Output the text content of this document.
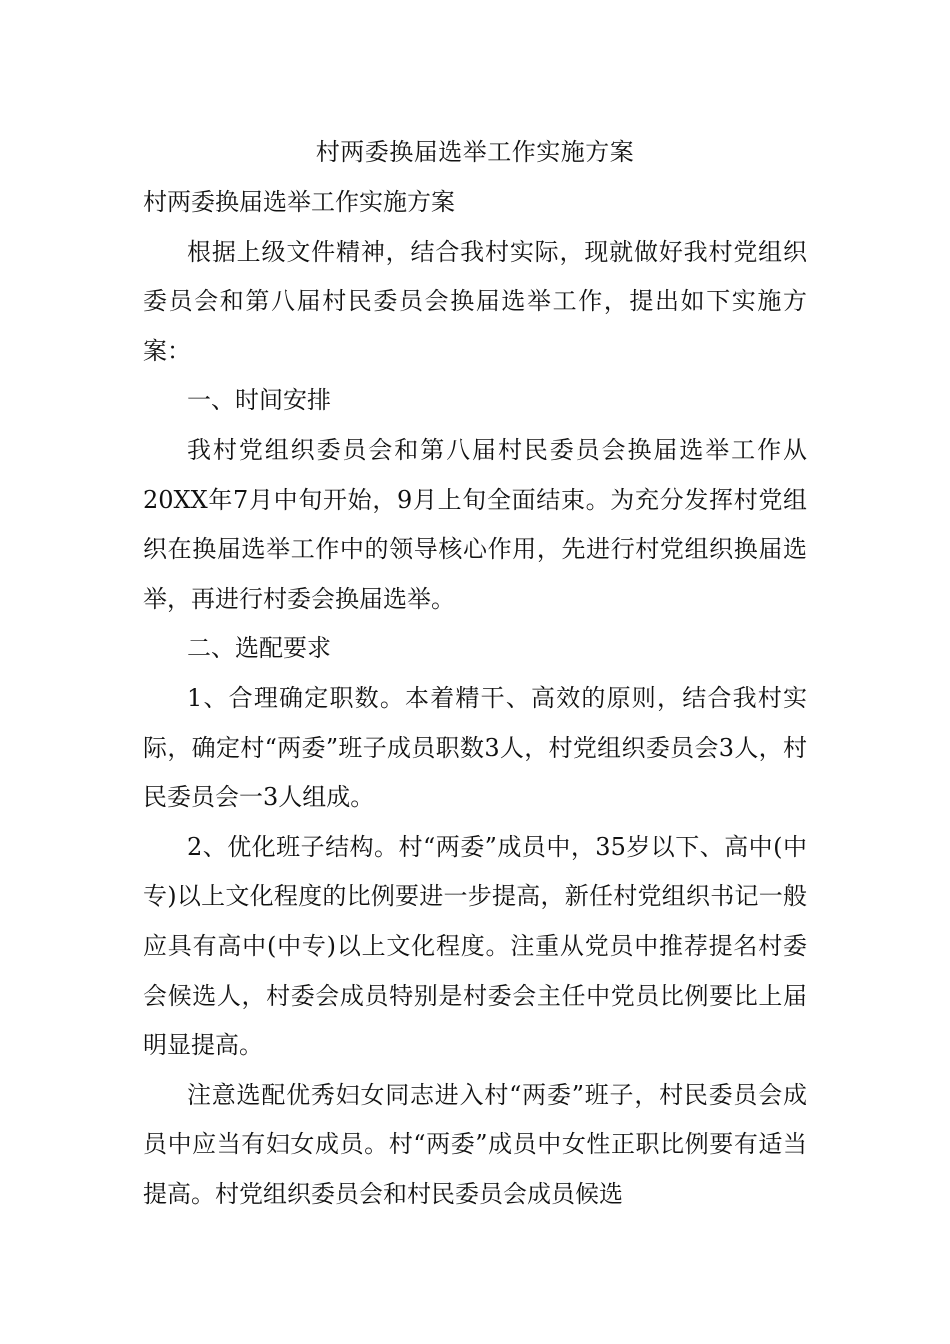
村两委换届选举工作实施方案

村两委换届选举工作实施方案

根据上级文件精神，结合我村实际，现就做好我村党组织委员会和第八届村民委员会换届选举工作，提出如下实施方案：

一、时间安排

我村党组织委员会和第八届村民委员会换届选举工作从20XX年7月中旬开始，9月上旬全面结束。为充分发挥村党组织在换届选举工作中的领导核心作用，先进行村党组织换届选举，再进行村委会换届选举。

二、选配要求

1、合理确定职数。本着精干、高效的原则，结合我村实际，确定村“两委”班子成员职数3人，村党组织委员会3人，村民委员会一3人组成。

2、优化班子结构。村“两委”成员中，35岁以下、高中(中专)以上文化程度的比例要进一步提高，新任村党组织书记一般应具有高中(中专)以上文化程度。注重从党员中推荐提名村委会候选人，村委会成员特别是村委会主任中党员比例要比上届明显提高。

注意选配优秀妇女同志进入村“两委”班子，村民委员会成员中应当有妇女成员。村“两委”成员中女性正职比例要有适当提高。村党组织委员会和村民委员会成员候选
